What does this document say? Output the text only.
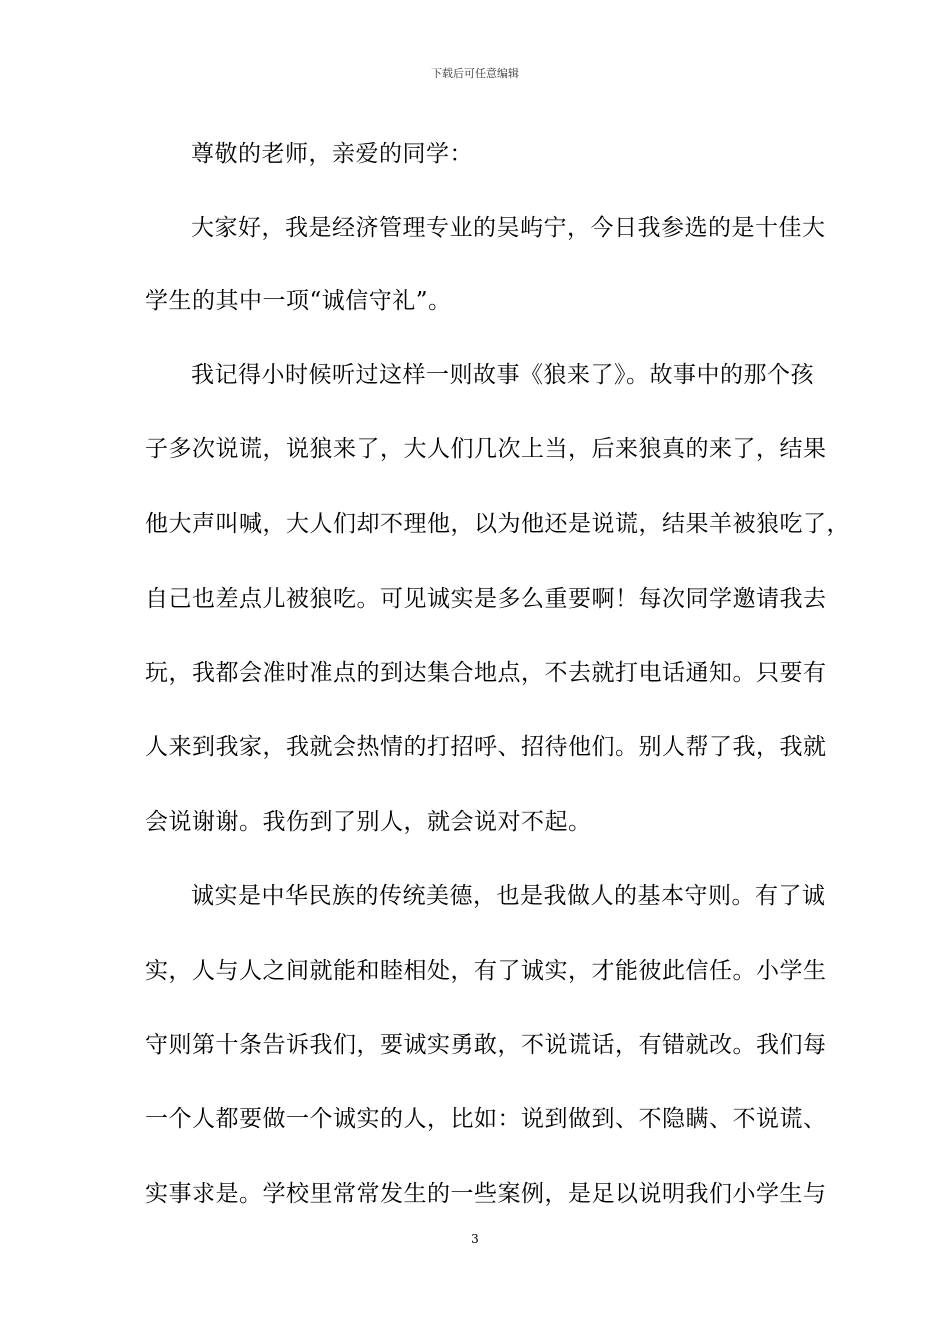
下载后可任意编辑
尊敬的老师，亲爱的同学：
大家好，我是经济管理专业的吴屿宁，今日我参选的是十佳大
学生的其中一项“诚信守礼”。
我记得小时候听过这样一则故事《狼来了》。故事中的那个孩
子多次说谎，说狼来了，大人们几次上当，后来狼真的来了，结果
他大声叫喊，大人们却不理他，以为他还是说谎，结果羊被狼吃了，
自己也差点儿被狼吃。可见诚实是多么重要啊！每次同学邀请我去
玩，我都会准时准点的到达集合地点，不去就打电话通知。只要有
人来到我家，我就会热情的打招呼、招待他们。别人帮了我，我就
会说谢谢。我伤到了别人，就会说对不起。
诚实是中华民族的传统美德，也是我做人的基本守则。有了诚
实，人与人之间就能和睦相处，有了诚实，才能彼此信任。小学生
守则第十条告诉我们，要诚实勇敢，不说谎话，有错就改。我们每
一个人都要做一个诚实的人，比如：说到做到、不隐瞒、不说谎、
实事求是。学校里常常发生的一些案例，是足以说明我们小学生与
3
